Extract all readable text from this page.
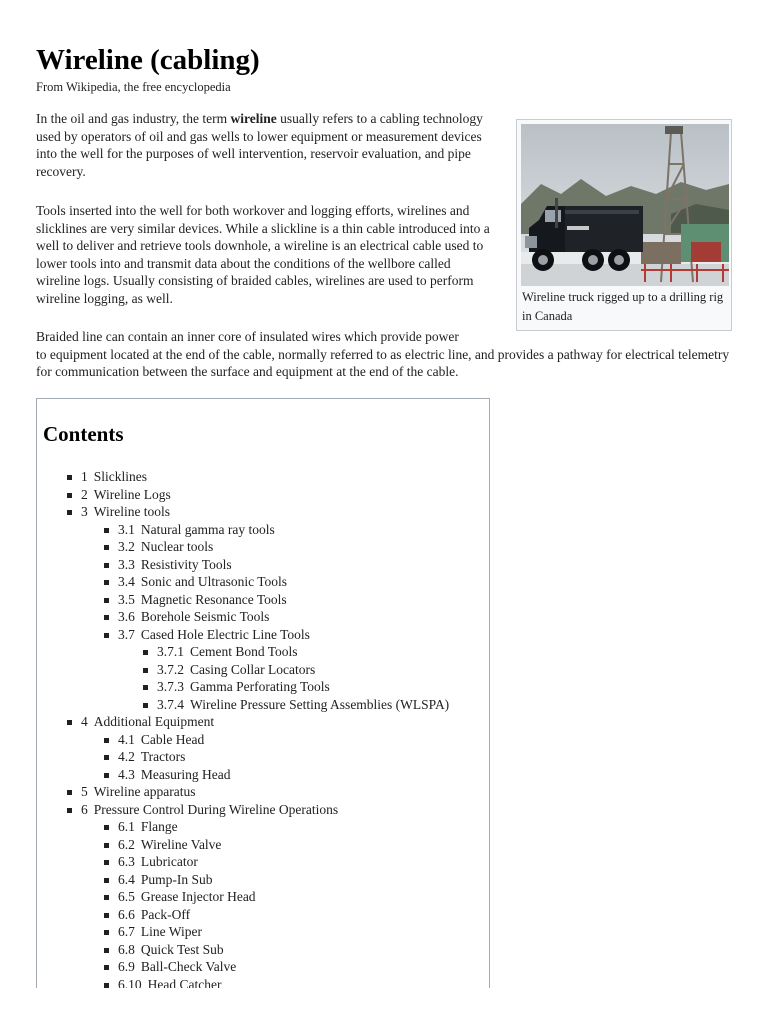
Wireline (cabling)
From Wikipedia, the free encyclopedia

In the oil and gas industry, the term wireline usually refers to a cabling technology used by operators of oil and gas wells to lower equipment or measurement devices into the well for the purposes of well intervention, reservoir evaluation, and pipe recovery.

Tools inserted into the well for both workover and logging efforts, wirelines and slicklines are very similar devices. While a slickline is a thin cable introduced into a well to deliver and retrieve tools downhole, a wireline is an electrical cable used to lower tools into and transmit data about the conditions of the wellbore called wireline logs. Usually consisting of braided cables, wirelines are used to perform wireline logging, as well.	Wireline truck rigged up to a drilling rig in Canada

Braided line can contain an inner core of insulated wires which provide power
to equipment located at the end of the cable, normally referred to as electric line, and provides a pathway for electrical telemetry for communication between the surface and equipment at the end of the cable.

Contents
1 Slicklines
2 Wireline Logs
3 Wireline tools
3.1 Natural gamma ray tools
3.2 Nuclear tools
3.3 Resistivity Tools
3.4 Sonic and Ultrasonic Tools
3.5 Magnetic Resonance Tools
3.6 Borehole Seismic Tools
3.7 Cased Hole Electric Line Tools
3.7.1 Cement Bond Tools
3.7.2 Casing Collar Locators
3.7.3 Gamma Perforating Tools
3.7.4 Wireline Pressure Setting Assemblies (WLSPA)
4 Additional Equipment
4.1 Cable Head
4.2 Tractors
4.3 Measuring Head
5 Wireline apparatus
6 Pressure Control During Wireline Operations
6.1 Flange
6.2 Wireline Valve
6.3 Lubricator
6.4 Pump-In Sub
6.5 Grease Injector Head
6.6 Pack-Off
6.7 Line Wiper
6.8 Quick Test Sub
6.9 Ball-Check Valve
6.10 Head Catcher
